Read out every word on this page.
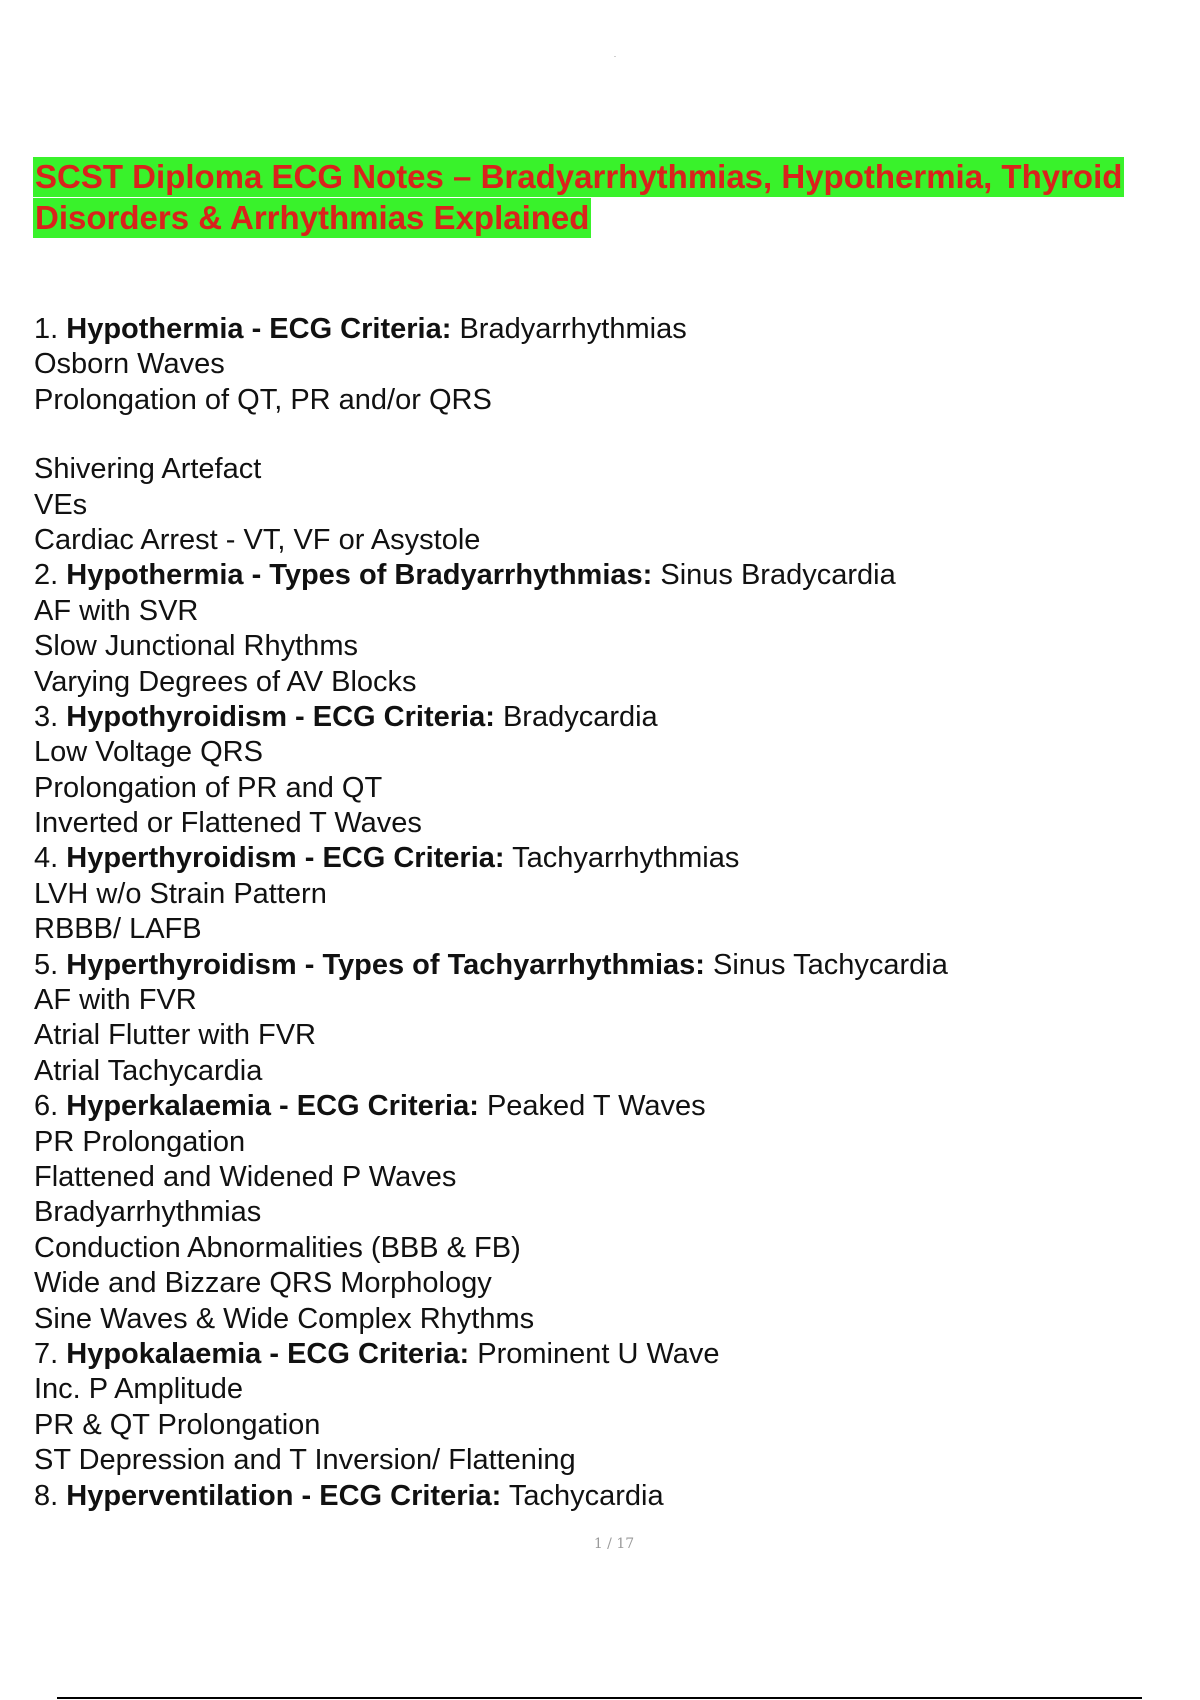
SCST Diploma ECG Notes – Bradyarrhythmias, Hypothermia, Thyroid
Disorders & Arrhythmias Explained
1. Hypothermia - ECG Criteria: Bradyarrhythmias
Osborn Waves
Prolongation of QT, PR and/or QRS
Shivering Artefact
VEs
Cardiac Arrest - VT, VF or Asystole
2. Hypothermia - Types of Bradyarrhythmias: Sinus Bradycardia
AF with SVR
Slow Junctional Rhythms
Varying Degrees of AV Blocks
3. Hypothyroidism - ECG Criteria: Bradycardia
Low Voltage QRS
Prolongation of PR and QT
Inverted or Flattened T Waves
4. Hyperthyroidism - ECG Criteria: Tachyarrhythmias
LVH w/o Strain Pattern
RBBB/ LAFB
5. Hyperthyroidism - Types of Tachyarrhythmias: Sinus Tachycardia
AF with FVR
Atrial Flutter with FVR
Atrial Tachycardia
6. Hyperkalaemia - ECG Criteria: Peaked T Waves
PR Prolongation
Flattened and Widened P Waves
Bradyarrhythmias
Conduction Abnormalities (BBB & FB)
Wide and Bizzare QRS Morphology
Sine Waves & Wide Complex Rhythms
7. Hypokalaemia - ECG Criteria: Prominent U Wave
Inc. P Amplitude
PR & QT Prolongation
ST Depression and T Inversion/ Flattening
8. Hyperventilation - ECG Criteria: Tachycardia
1 / 17
